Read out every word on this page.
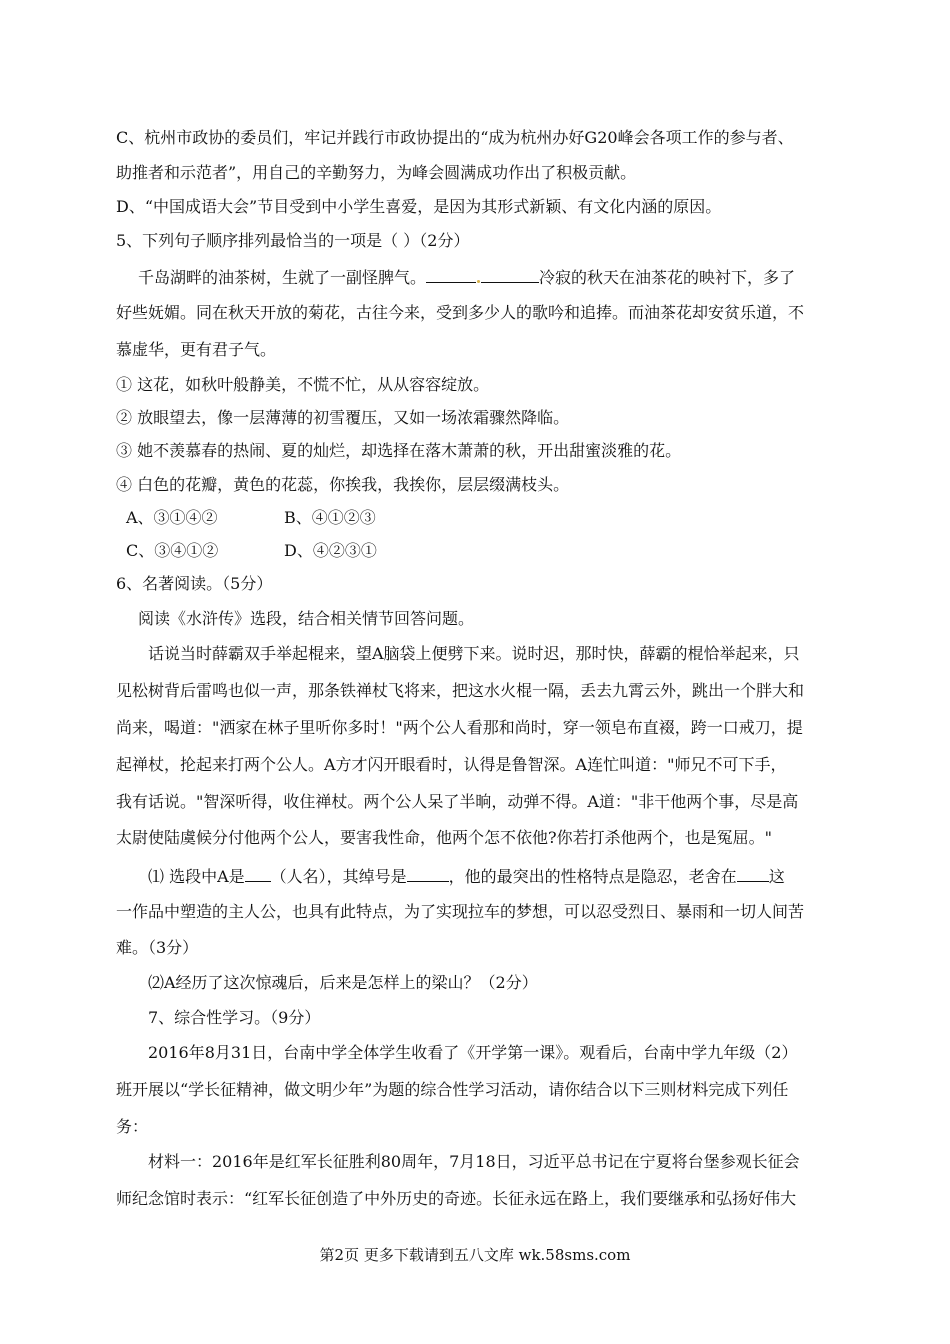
C、杭州市政协的委员们，牢记并践行市政协提出的“成为杭州办好G20峰会各项工作的参与者、
助推者和示范者”，用自己的辛勤努力，为峰会圆满成功作出了积极贡献。
D、“中国成语大会”节目受到中小学生喜爱，是因为其形式新颖、有文化内涵的原因。
5、下列句子顺序排列最恰当的一项是（ ）（2分）
千岛湖畔的油茶树，生就了一副怪脾气。	冷寂的秋天在油茶花的映衬下，多了
好些妩媚。同在秋天开放的菊花，古往今来，受到多少人的歌吟和追捧。而油茶花却安贫乐道，不
慕虚华，更有君子气。
① 这花，如秋叶般静美，不慌不忙，从从容容绽放。
② 放眼望去，像一层薄薄的初雪覆压，又如一场浓霜骤然降临。
③ 她不羡慕春的热闹、夏的灿烂，却选择在落木萧萧的秋，开出甜蜜淡雅的花。
④ 白色的花瓣，黄色的花蕊，你挨我，我挨你，层层缀满枝头。
A、③①④②	B、④①②③
C、③④①②	D、④②③①
6、名著阅读。（5分）
阅读《水浒传》选段，结合相关情节回答问题。
话说当时薛霸双手举起棍来，望A脑袋上便劈下来。说时迟，那时快，薛霸的棍恰举起来，只
见松树背后雷鸣也似一声，那条铁禅杖飞将来，把这水火棍一隔，丢去九霄云外，跳出一个胖大和
尚来，喝道："洒家在林子里听你多时！"两个公人看那和尚时，穿一领皂布直裰，跨一口戒刀，提
起禅杖，抡起来打两个公人。A方才闪开眼看时，认得是鲁智深。A连忙叫道："师兄不可下手，
我有话说。"智深听得，收住禅杖。两个公人呆了半晌，动弹不得。A道："非干他两个事，尽是高
太尉使陆虞候分付他两个公人，要害我性命，他两个怎不依他?你若打杀他两个，也是冤屈。"
⑴ 选段中A是 （人名），其绰号是	，他的最突出的性格特点是隐忍，老舍在 这
一作品中塑造的主人公，也具有此特点，为了实现拉车的梦想，可以忍受烈日、暴雨和一切人间苦
难。（3分）
⑵A经历了这次惊魂后，后来是怎样上的梁山？（2分）
7、综合性学习。（9分）
2016年8月31日，台南中学全体学生收看了《开学第一课》。观看后，台南中学九年级（2）
班开展以“学长征精神，做文明少年”为题的综合性学习活动，请你结合以下三则材料完成下列任
务：
材料一：2016年是红军长征胜利80周年，7月18日，习近平总书记在宁夏将台堡参观长征会
师纪念馆时表示：“红军长征创造了中外历史的奇迹。长征永远在路上，我们要继承和弘扬好伟大
第2页 更多下载请到五八文库 wk.58sms.com
